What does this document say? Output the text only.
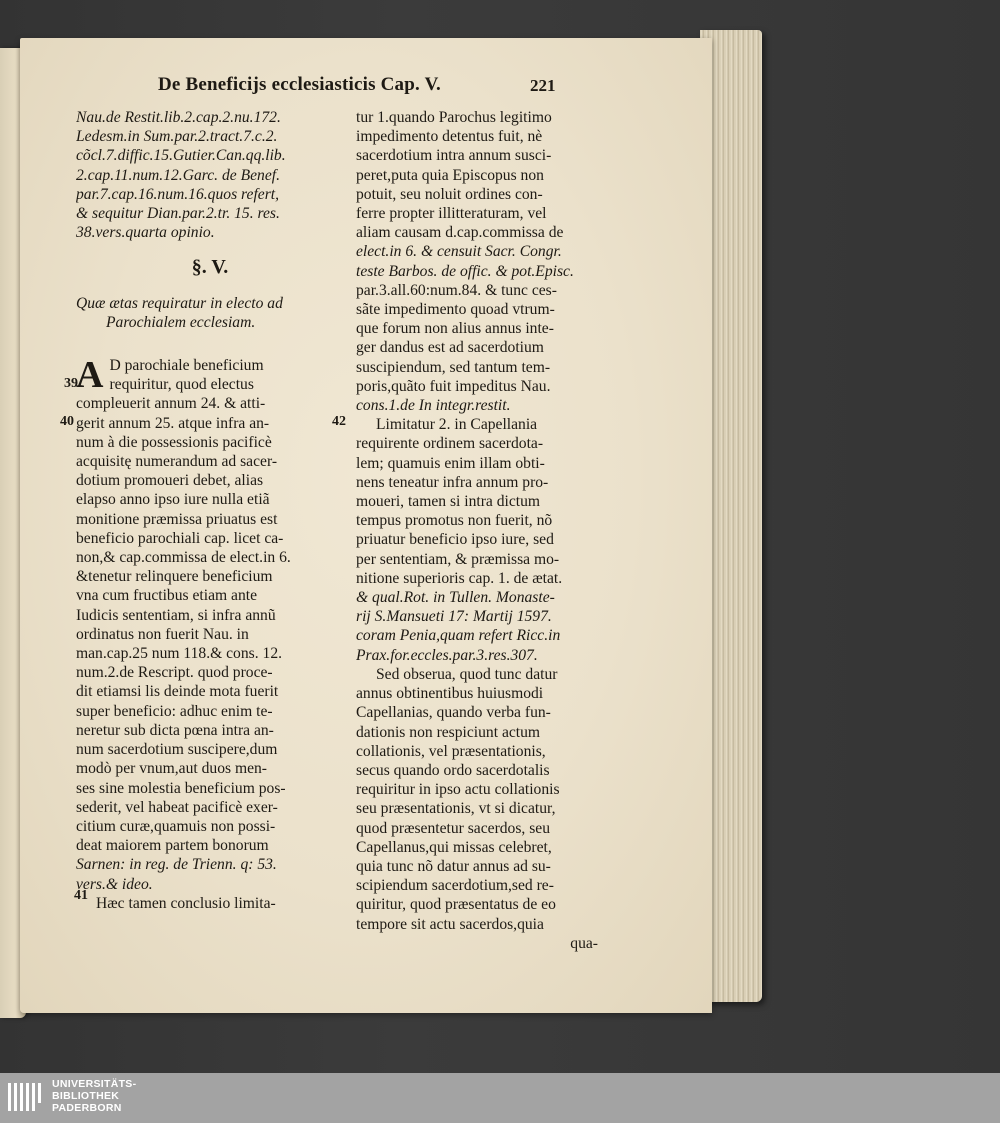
De Beneficijs ecclesiasticis Cap. V.	221
39
40
41
42
Nau.de Restit.lib.2.cap.2.nu.172.
Ledesm.in Sum.par.2.tract.7.c.2.
cõcl.7.diffic.15.Gutier.Can.qq.lib.
2.cap.11.num.12.Garc. de Benef.
par.7.cap.16.num.16.quos refert,
& sequitur Dian.par.2.tr. 15. res.
38.vers.quarta opinio.
§. V.
Quæ ætas requiratur in electo ad
Parochialem ecclesiam.
A D parochiale beneficium
requiritur, quod electus
compleuerit annum 24. & atti-
gerit annum 25. atque infra an-
num à die possessionis pacificè
acquisitę numerandum ad sacer-
dotium promoueri debet, alias
elapso anno ipso iure nulla etiã
monitione præmissa priuatus est
beneficio parochiali cap. licet ca-
non,& cap.commissa de elect.in 6.
&tenetur relinquere beneficium
vna cum fructibus etiam ante
Iudicis sententiam, si infra annũ
ordinatus non fuerit Nau. in
man.cap.25 num 118.& cons. 12.
num.2.de Rescript. quod proce-
dit etiamsi lis deinde mota fuerit
super beneficio: adhuc enim te-
neretur sub dicta pœna intra an-
num sacerdotium suscipere,dum
modò per vnum,aut duos men-
ses sine molestia beneficium pos-
sederit, vel habeat pacificè exer-
citium curæ,quamuis non possi-
deat maiorem partem bonorum
Sarnen: in reg. de Trienn. q: 53.
vers.& ideo.
Hæc tamen conclusio limita-
tur 1.quando Parochus legitimo
impedimento detentus fuit, nè
sacerdotium intra annum susci-
peret,puta quia Episcopus non
potuit, seu noluit ordines con-
ferre propter illitteraturam, vel
aliam causam d.cap.commissa de
elect.in 6. & censuit Sacr. Congr.
teste Barbos. de offic. & pot.Episc.
par.3.all.60:num.84. & tunc ces-
sãte impedimento quoad vtrum-
que forum non alius annus inte-
ger dandus est ad sacerdotium
suscipiendum, sed tantum tem-
poris,quãto fuit impeditus Nau.
cons.1.de In integr.restit.
Limitatur 2. in Capellania
requirente ordinem sacerdota-
lem; quamuis enim illam obti-
nens teneatur infra annum pro-
moueri, tamen si intra dictum
tempus promotus non fuerit, nõ
priuatur beneficio ipso iure, sed
per sententiam, & præmissa mo-
nitione superioris cap. 1. de ætat.
& qual.Rot. in Tullen. Monaste-
rij S.Mansueti 17: Martij 1597.
coram Penia,quam refert Ricc.in
Prax.for.eccles.par.3.res.307.
Sed obserua, quod tunc datur
annus obtinentibus huiusmodi
Capellanias, quando verba fun-
dationis non respiciunt actum
collationis, vel præsentationis,
secus quando ordo sacerdotalis
requiritur in ipso actu collationis
seu præsentationis, vt si dicatur,
quod præsentetur sacerdos, seu
Capellanus,qui missas celebret,
quia tunc nõ datur annus ad su-
scipiendum sacerdotium,sed re-
quiritur, quod præsentatus de eo
tempore sit actu sacerdos,quia
qua-
UNIVERSITÄTS-
BIBLIOTHEK
PADERBORN
